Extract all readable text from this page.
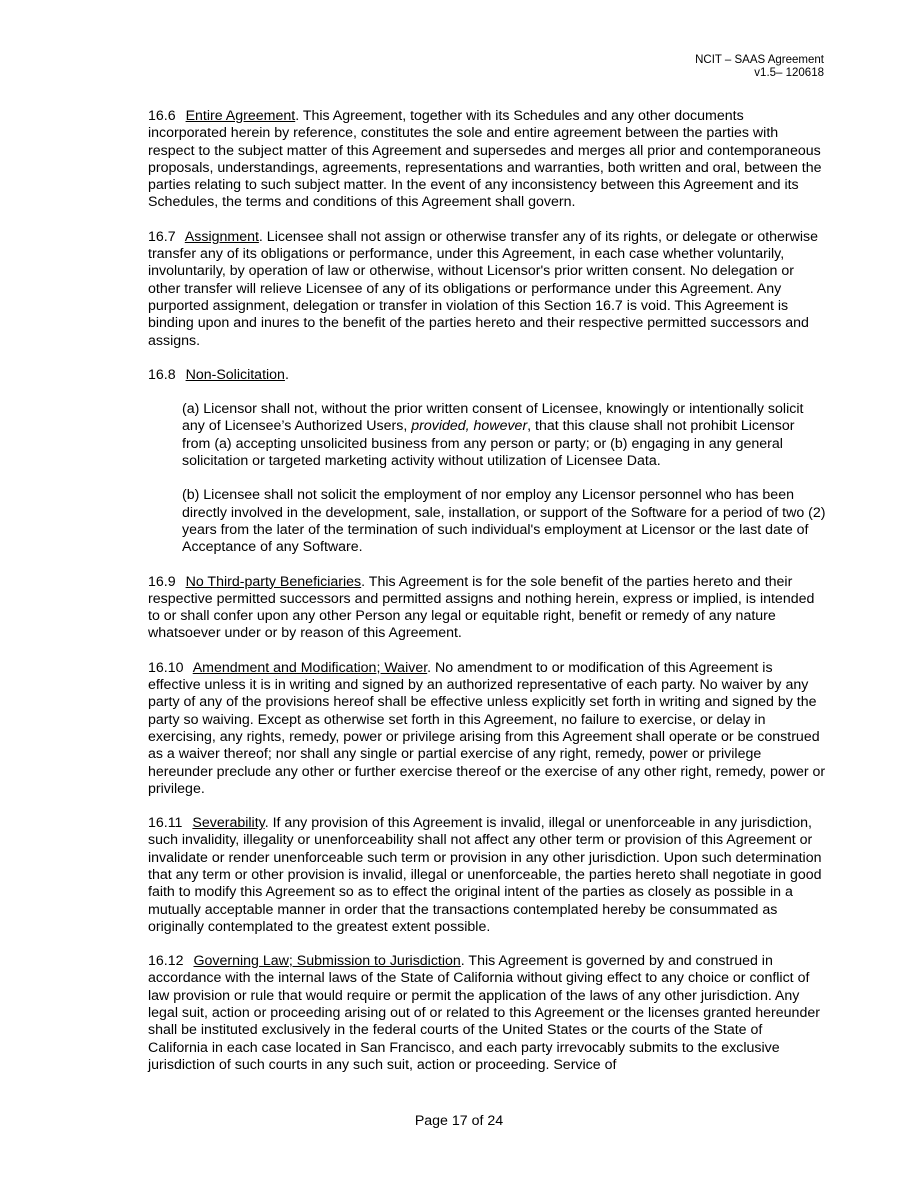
NCIT – SAAS Agreement
v1.5– 120618

16.6 Entire Agreement. This Agreement, together with its Schedules and any other documents incorporated herein by reference, constitutes the sole and entire agreement between the parties with respect to the subject matter of this Agreement and supersedes and merges all prior and contemporaneous proposals, understandings, agreements, representations and warranties, both written and oral, between the parties relating to such subject matter. In the event of any inconsistency between this Agreement and its Schedules, the terms and conditions of this Agreement shall govern.

16.7 Assignment. Licensee shall not assign or otherwise transfer any of its rights, or delegate or otherwise transfer any of its obligations or performance, under this Agreement, in each case whether voluntarily, involuntarily, by operation of law or otherwise, without Licensor's prior written consent. No delegation or other transfer will relieve Licensee of any of its obligations or performance under this Agreement. Any purported assignment, delegation or transfer in violation of this Section 16.7 is void. This Agreement is binding upon and inures to the benefit of the parties hereto and their respective permitted successors and assigns.

16.8 Non-Solicitation.

(a) Licensor shall not, without the prior written consent of Licensee, knowingly or intentionally solicit any of Licensee’s Authorized Users, provided, however, that this clause shall not prohibit Licensor from (a) accepting unsolicited business from any person or party; or (b) engaging in any general solicitation or targeted marketing activity without utilization of Licensee Data.

(b) Licensee shall not solicit the employment of nor employ any Licensor personnel who has been directly involved in the development, sale, installation, or support of the Software for a period of two (2) years from the later of the termination of such individual's employment at Licensor or the last date of Acceptance of any Software.

16.9 No Third-party Beneficiaries. This Agreement is for the sole benefit of the parties hereto and their respective permitted successors and permitted assigns and nothing herein, express or implied, is intended to or shall confer upon any other Person any legal or equitable right, benefit or remedy of any nature whatsoever under or by reason of this Agreement.

16.10 Amendment and Modification; Waiver. No amendment to or modification of this Agreement is effective unless it is in writing and signed by an authorized representative of each party. No waiver by any party of any of the provisions hereof shall be effective unless explicitly set forth in writing and signed by the party so waiving. Except as otherwise set forth in this Agreement, no failure to exercise, or delay in exercising, any rights, remedy, power or privilege arising from this Agreement shall operate or be construed as a waiver thereof; nor shall any single or partial exercise of any right, remedy, power or privilege hereunder preclude any other or further exercise thereof or the exercise of any other right, remedy, power or privilege.

16.11 Severability. If any provision of this Agreement is invalid, illegal or unenforceable in any jurisdiction, such invalidity, illegality or unenforceability shall not affect any other term or provision of this Agreement or invalidate or render unenforceable such term or provision in any other jurisdiction. Upon such determination that any term or other provision is invalid, illegal or unenforceable, the parties hereto shall negotiate in good faith to modify this Agreement so as to effect the original intent of the parties as closely as possible in a mutually acceptable manner in order that the transactions contemplated hereby be consummated as originally contemplated to the greatest extent possible.

16.12 Governing Law; Submission to Jurisdiction. This Agreement is governed by and construed in accordance with the internal laws of the State of California without giving effect to any choice or conflict of law provision or rule that would require or permit the application of the laws of any other jurisdiction. Any legal suit, action or proceeding arising out of or related to this Agreement or the licenses granted hereunder shall be instituted exclusively in the federal courts of the United States or the courts of the State of California in each case located in San Francisco, and each party irrevocably submits to the exclusive jurisdiction of such courts in any such suit, action or proceeding. Service of

Page 17 of 24
